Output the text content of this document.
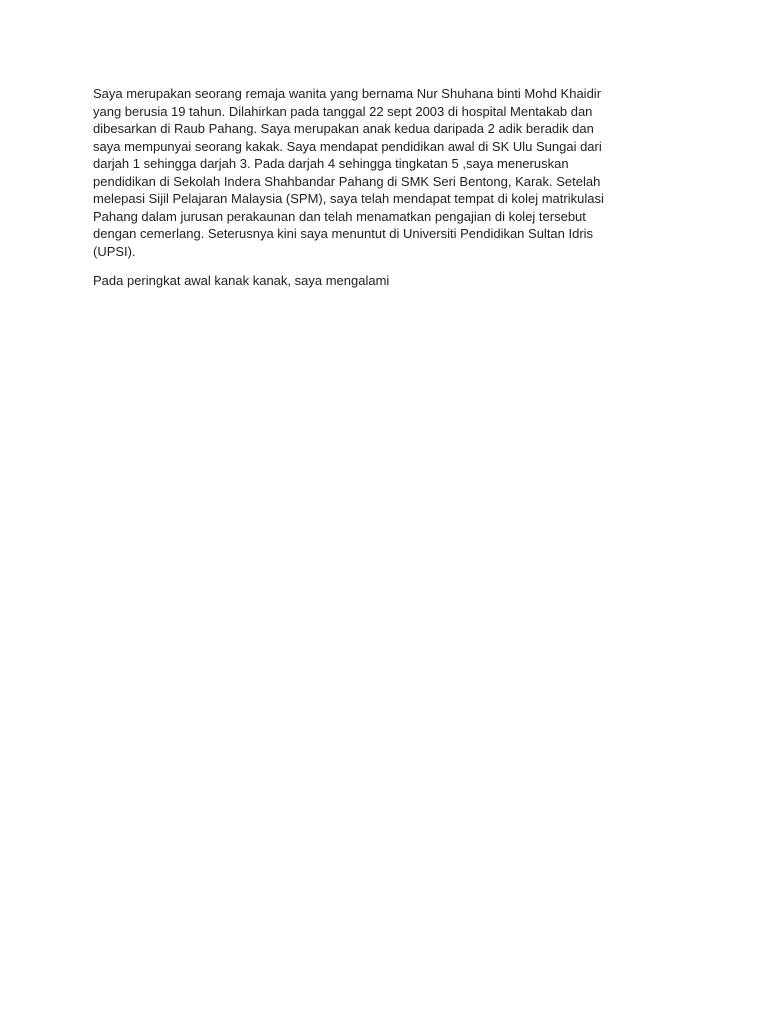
Saya merupakan seorang remaja wanita yang bernama Nur Shuhana binti Mohd Khaidir
yang berusia 19 tahun. Dilahirkan pada tanggal 22 sept 2003 di hospital Mentakab dan
dibesarkan di Raub Pahang. Saya merupakan anak kedua daripada 2 adik beradik dan
saya mempunyai seorang kakak. Saya mendapat pendidikan awal di SK Ulu Sungai dari
darjah 1 sehingga darjah 3. Pada darjah 4 sehingga tingkatan 5 ,saya meneruskan
pendidikan di Sekolah Indera Shahbandar Pahang di SMK Seri Bentong, Karak. Setelah
melepasi Sijil Pelajaran Malaysia (SPM), saya telah mendapat tempat di kolej matrikulasi
Pahang dalam jurusan perakaunan dan telah menamatkan pengajian di kolej tersebut
dengan cemerlang. Seterusnya kini saya menuntut di Universiti Pendidikan Sultan Idris
(UPSI).

Pada peringkat awal kanak kanak, saya mengalami
